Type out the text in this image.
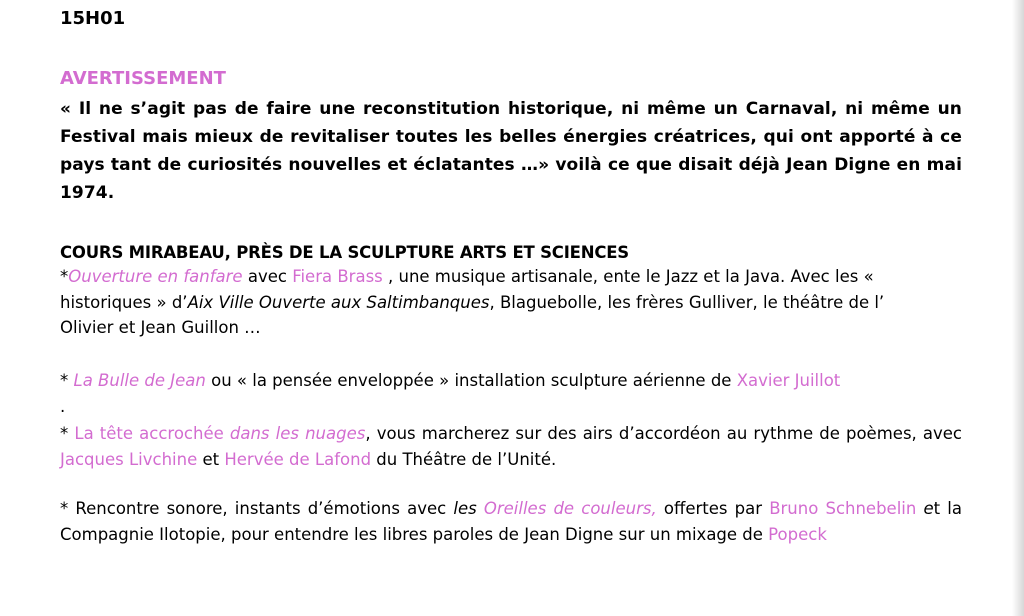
15H01
AVERTISSEMENT
« Il ne s’agit pas de faire une reconstitution historique, ni même un Carnaval, ni même un Festival mais mieux de revitaliser toutes les belles énergies créatrices, qui ont apporté à ce pays tant de curiosités nouvelles et éclatantes …» voilà ce que disait déjà Jean Digne en mai 1974.
COURS MIRABEAU, PRÈS DE LA SCULPTURE ARTS ET SCIENCES
*Ouverture en fanfare avec Fiera Brass , une musique artisanale, ente le Jazz et la Java. Avec les « historiques » d’Aix Ville Ouverte aux Saltimbanques, Blaguebolle, les frères Gulliver, le théâtre de l’ Olivier et Jean Guillon …
* La Bulle de Jean ou « la pensée enveloppée » installation sculpture aérienne de Xavier Juillot
.
* La tête accrochée dans les nuages, vous marcherez sur des airs d’accordéon au rythme de poèmes, avec Jacques Livchine et Hervée de Lafond du Théâtre de l’Unité.
* Rencontre sonore, instants d’émotions avec les Oreilles de couleurs, offertes par Bruno Schnebelin et la Compagnie Ilotopie, pour entendre les libres paroles de Jean Digne sur un mixage de Popeck
